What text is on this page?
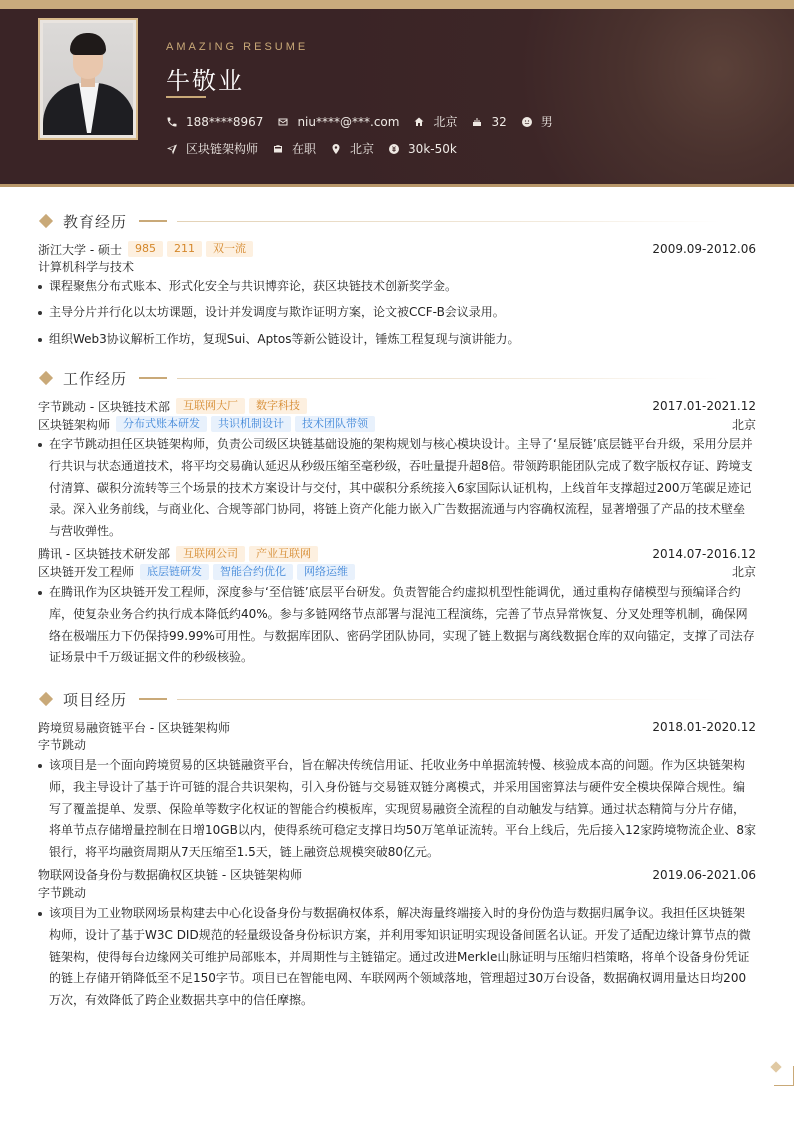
AMAZING RESUME
牛敬业
188****8967	niu****@***.com	北京	32	男
区块链架构师	在职	北京	30k-50k
教育经历
浙江大学 - 硕士	985	211	双一流	2009.09-2012.06
计算机科学与技术
课程聚焦分布式账本、形式化安全与共识博弈论，获区块链技术创新奖学金。
主导分片并行化以太坊课题，设计并发调度与欺诈证明方案，论文被CCF-B会议录用。
组织Web3协议解析工作坊，复现Sui、Aptos等新公链设计，锤炼工程复现与演讲能力。
工作经历
字节跳动 - 区块链技术部	互联网大厂	数字科技	2017.01-2021.12
区块链架构师	分布式账本研发	共识机制设计	技术团队带领	北京
在字节跳动担任区块链架构师，负责公司级区块链基础设施的架构规划与核心模块设计。主导了‘星辰链’底层链平台升级，采用分层并行共识与状态通道技术，将平均交易确认延迟从秒级压缩至毫秒级，吞吐量提升超8倍。带领跨职能团队完成了数字版权存证、跨境支付清算、碳积分流转等三个场景的技术方案设计与交付，其中碳积分系统接入6家国际认证机构，上线首年支撑超过200万笔碳足迹记录。深入业务前线，与商业化、合规等部门协同，将链上资产化能力嵌入广告数据流通与内容确权流程，显著增强了产品的技术壁垒与营收弹性。
腾讯 - 区块链技术研发部	互联网公司	产业互联网	2014.07-2016.12
区块链开发工程师	底层链研发	智能合约优化	网络运维	北京
在腾讯作为区块链开发工程师，深度参与‘至信链’底层平台研发。负责智能合约虚拟机型性能调优，通过重构存储模型与预编译合约库，使复杂业务合约执行成本降低约40%。参与多链网络节点部署与混沌工程演练，完善了节点异常恢复、分叉处理等机制，确保网络在极端压力下仍保持99.99%可用性。与数据库团队、密码学团队协同，实现了链上数据与离线数据仓库的双向锚定，支撑了司法存证场景中千万级证据文件的秒级核验。
项目经历
跨境贸易融资链平台 - 区块链架构师	2018.01-2020.12
字节跳动
该项目是一个面向跨境贸易的区块链融资平台，旨在解决传统信用证、托收业务中单据流转慢、核验成本高的问题。作为区块链架构师，我主导设计了基于许可链的混合共识架构，引入身份链与交易链双链分离模式，并采用国密算法与硬件安全模块保障合规性。编写了覆盖提单、发票、保险单等数字化权证的智能合约模板库，实现贸易融资全流程的自动触发与结算。通过状态精简与分片存储，将单节点存储增量控制在日增10GB以内，使得系统可稳定支撑日均50万笔单证流转。平台上线后，先后接入12家跨境物流企业、8家银行，将平均融资周期从7天压缩至1.5天，链上融资总规模突破80亿元。
物联网设备身份与数据确权区块链 - 区块链架构师	2019.06-2021.06
字节跳动
该项目为工业物联网场景构建去中心化设备身份与数据确权体系，解决海量终端接入时的身份伪造与数据归属争议。我担任区块链架构师，设计了基于W3C DID规范的轻量级设备身份标识方案，并利用零知识证明实现设备间匿名认证。开发了适配边缘计算节点的微链架构，使得每台边缘网关可维护局部账本，并周期性与主链锚定。通过改进Merkle山脉证明与压缩归档策略，将单个设备身份凭证的链上存储开销降低至不足150字节。项目已在智能电网、车联网两个领域落地，管理超过30万台设备，数据确权调用量达日均200万次，有效降低了跨企业数据共享中的信任摩擦。
